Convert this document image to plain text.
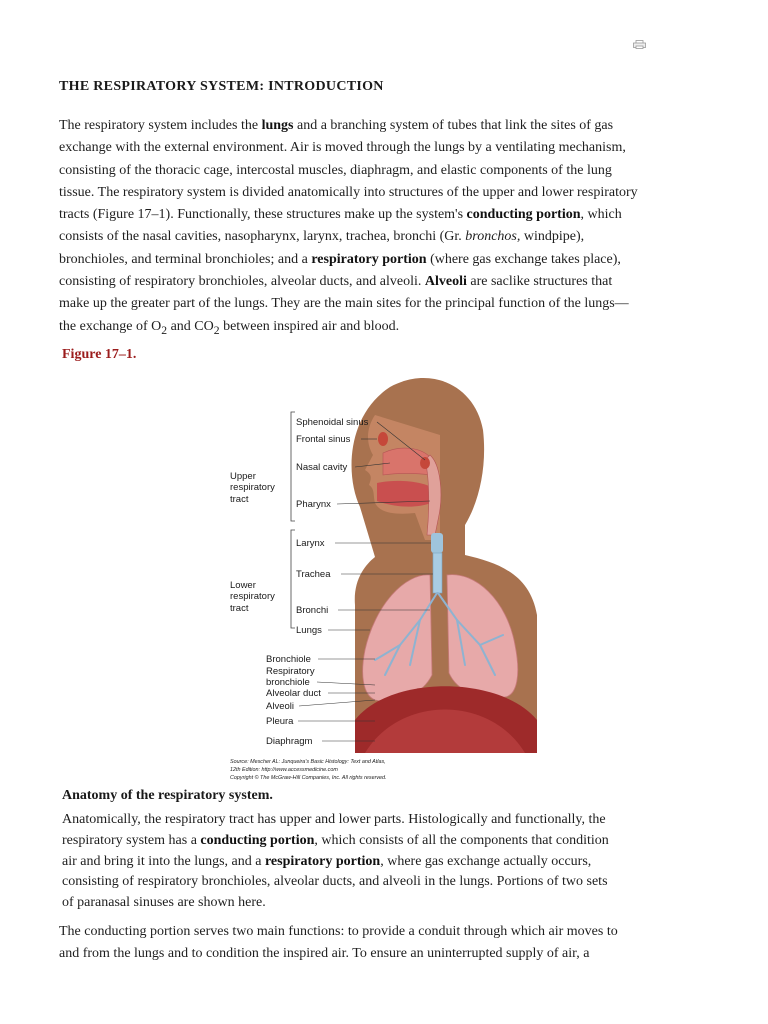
THE RESPIRATORY SYSTEM: INTRODUCTION

The respiratory system includes the lungs and a branching system of tubes that link the sites of gas
exchange with the external environment. Air is moved through the lungs by a ventilating mechanism,
consisting of the thoracic cage, intercostal muscles, diaphragm, and elastic components of the lung
tissue. The respiratory system is divided anatomically into structures of the upper and lower respiratory
tracts (Figure 17–1). Functionally, these structures make up the system's conducting portion, which
consists of the nasal cavities, nasopharynx, larynx, trachea, bronchi (Gr. bronchos, windpipe),
bronchioles, and terminal bronchioles; and a respiratory portion (where gas exchange takes place),
consisting of respiratory bronchioles, alveolar ducts, and alveoli. Alveoli are saclike structures that
make up the greater part of the lungs. They are the main sites for the principal function of the lungs—
the exchange of $O_2$ and $CO_2$ between inspired air and blood.

Figure 17–1.

Sphenoidal sinus
Frontal sinus
Nasal cavity
Pharynx
Larynx
Trachea
Bronchi
Lungs
Bronchiole
Respiratory
bronchiole
Alveolar duct
Alveoli
Pleura
Diaphragm
Upper
respiratory
tract
Lower
respiratory
tract
Source: Mescher AL: Junqueira's Basic Histology: Text and Atlas,
12th Edition: http://www.accessmedicine.com
Copyright © The McGraw-Hill Companies, Inc. All rights reserved.

Anatomy of the respiratory system.

Anatomically, the respiratory tract has upper and lower parts. Histologically and functionally, the
respiratory system has a conducting portion, which consists of all the components that condition
air and bring it into the lungs, and a respiratory portion, where gas exchange actually occurs,
consisting of respiratory bronchioles, alveolar ducts, and alveoli in the lungs. Portions of two sets
of paranasal sinuses are shown here.

The conducting portion serves two main functions: to provide a conduit through which air moves to
and from the lungs and to condition the inspired air. To ensure an uninterrupted supply of air, a
